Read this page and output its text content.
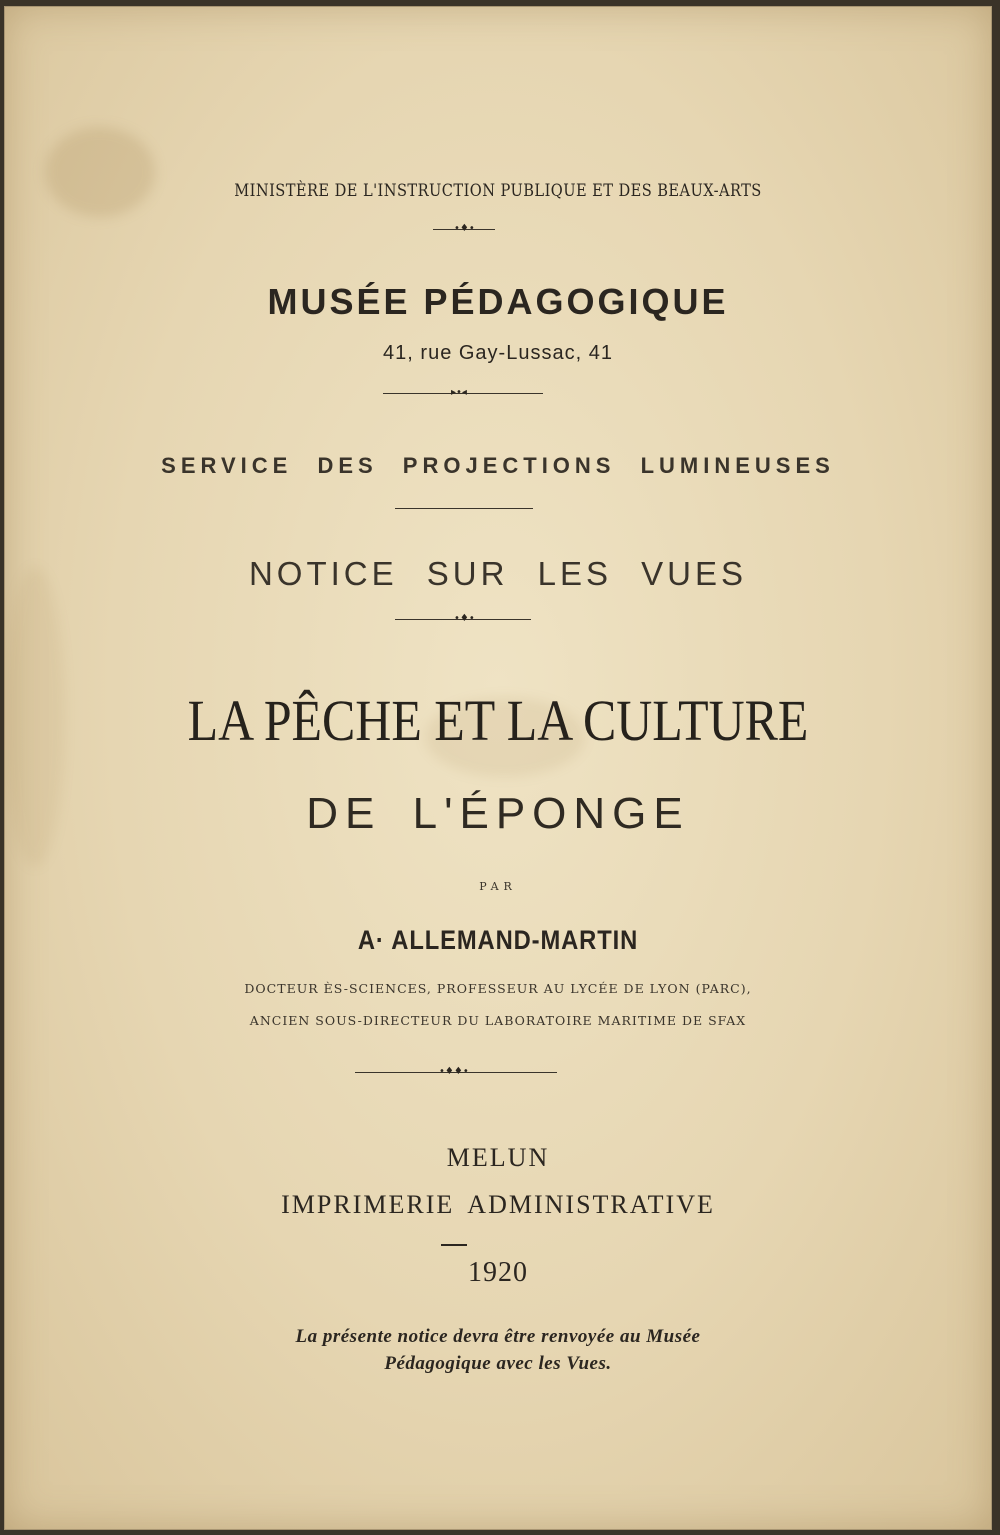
MINISTÈRE DE L'INSTRUCTION PUBLIQUE ET DES BEAUX-ARTS
•♦•
MUSÉE PÉDAGOGIQUE
41, rue Gay-Lussac, 41
▸•◂
SERVICE DES PROJECTIONS LUMINEUSES
NOTICE SUR LES VUES
•♦•
LA PÊCHE ET LA CULTURE
DE L'ÉPONGE
PAR
A· ALLEMAND-MARTIN
DOCTEUR ÈS-SCIENCES, PROFESSEUR AU LYCÉE DE LYON (PARC),
ANCIEN SOUS-DIRECTEUR DU LABORATOIRE MARITIME DE SFAX
•♦♦•
MELUN
IMPRIMERIE ADMINISTRATIVE
1920
La présente notice devra être renvoyée au Musée
Pédagogique avec les Vues.
